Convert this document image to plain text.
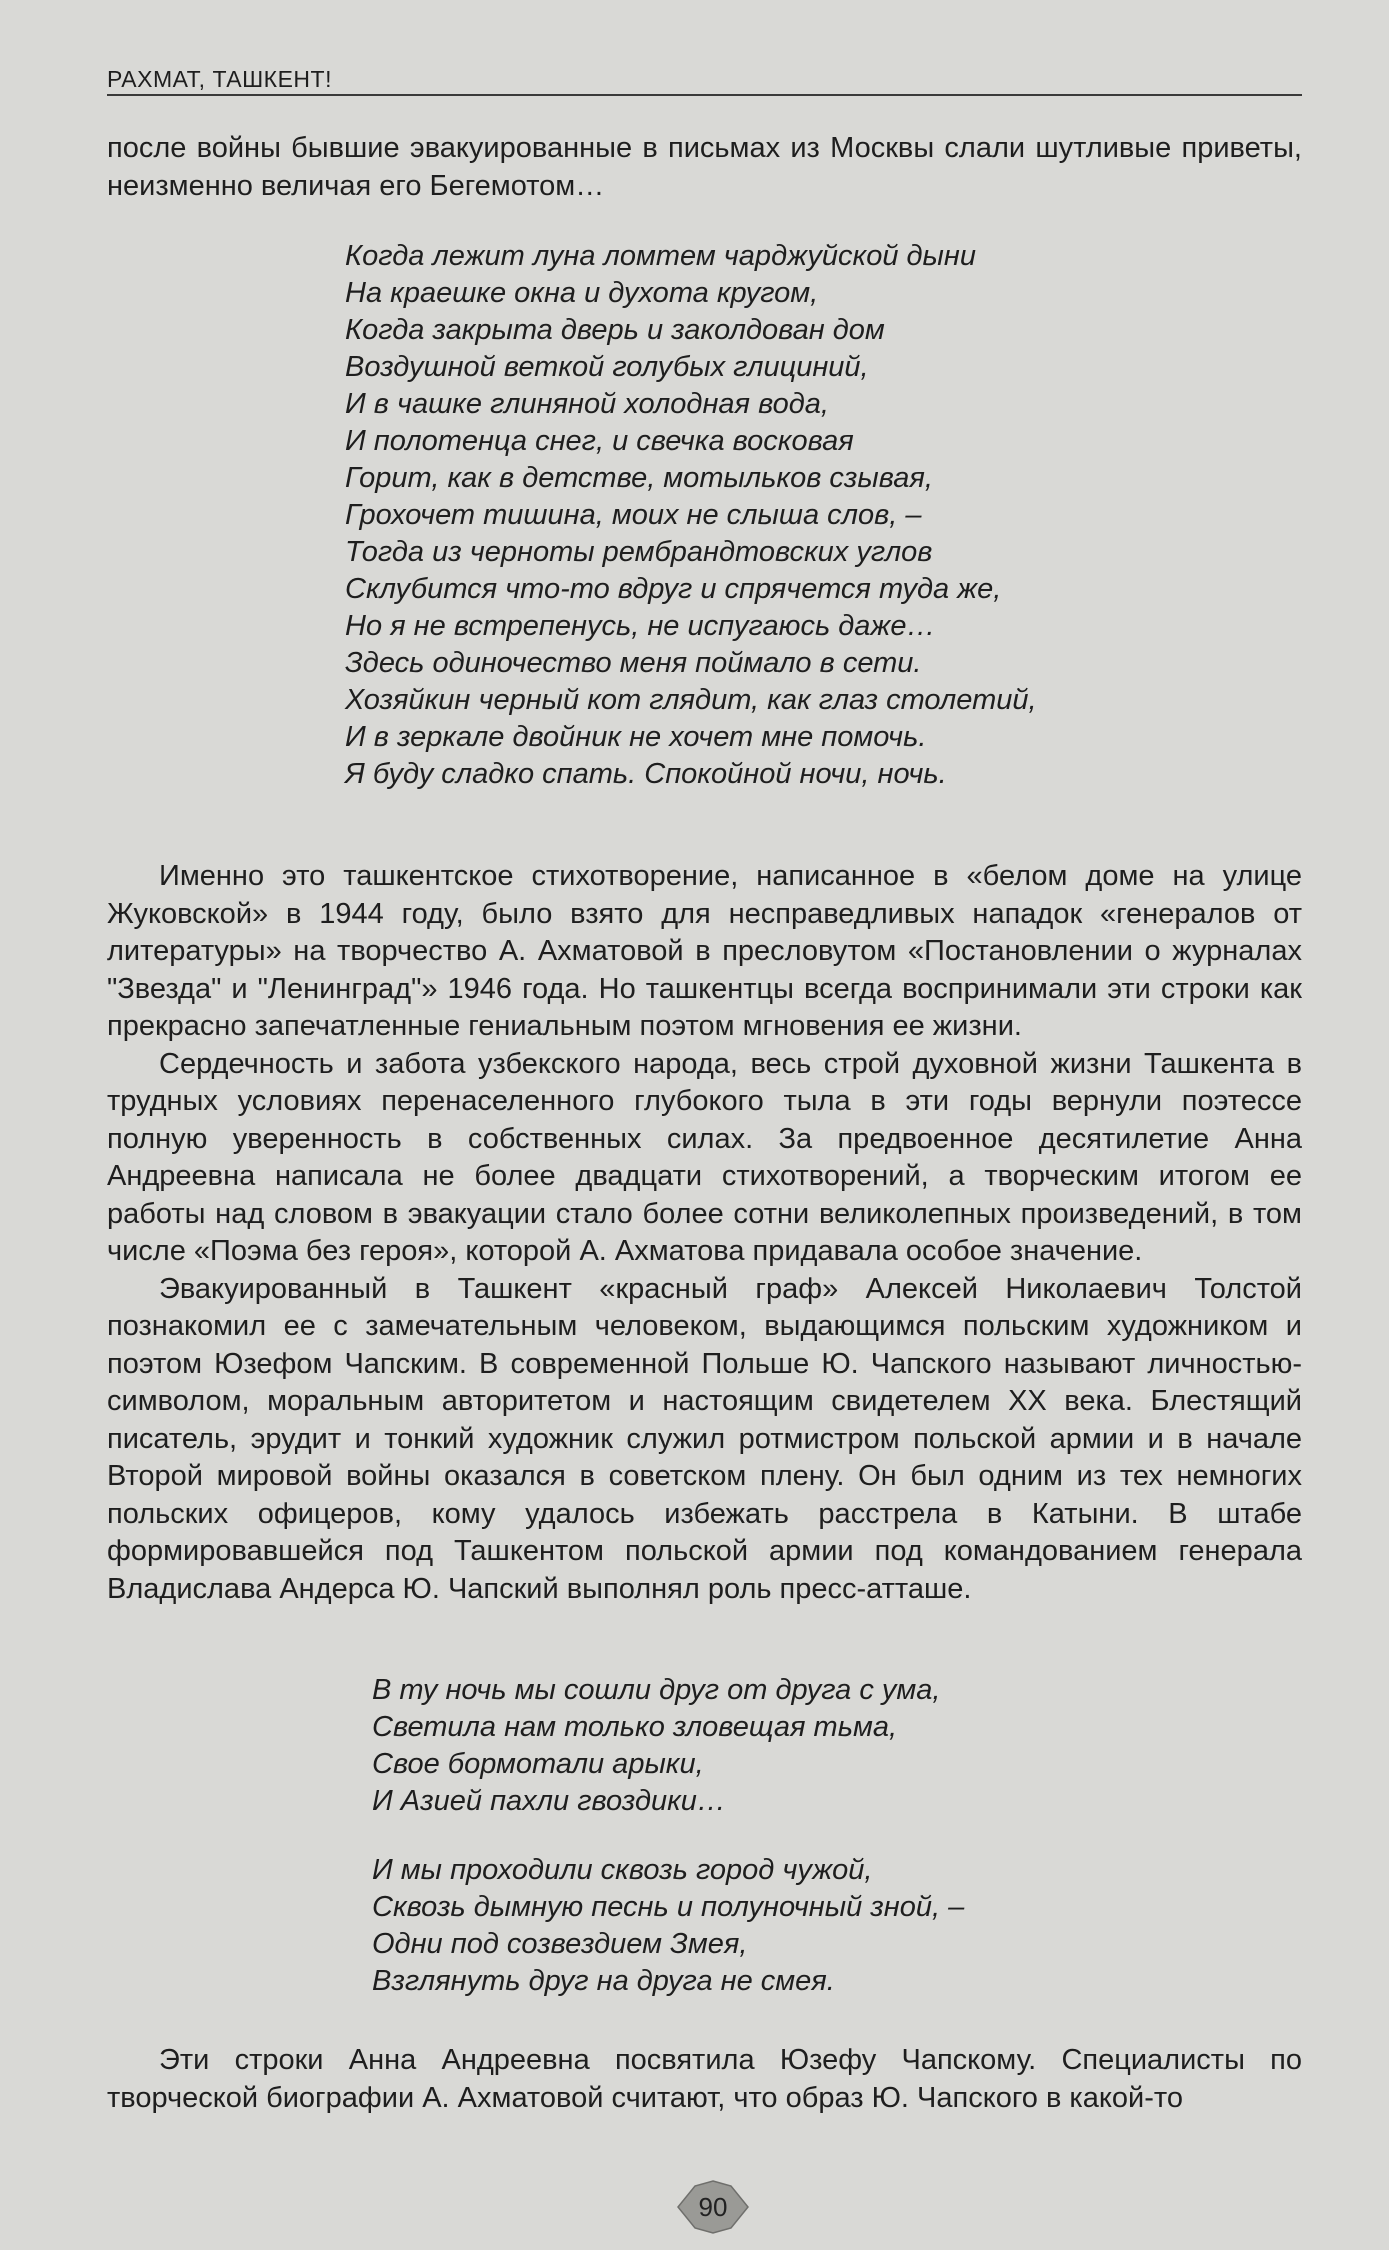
РАХМАТ, ТАШКЕНТ!

после войны бывшие эвакуированные в письмах из Москвы слали шутливые приветы, неизменно величая его Бегемотом…

Когда лежит луна ломтем чарджуйской дыни
На краешке окна и духота кругом,
Когда закрыта дверь и заколдован дом
Воздушной веткой голубых глициний,
И в чашке глиняной холодная вода,
И полотенца снег, и свечка восковая
Горит, как в детстве, мотыльков сзывая,
Грохочет тишина, моих не слыша слов, –
Тогда из черноты рембрандтовских углов
Склубится что-то вдруг и спрячется туда же,
Но я не встрепенусь, не испугаюсь даже…
Здесь одиночество меня поймало в сети.
Хозяйкин черный кот глядит, как глаз столетий,
И в зеркале двойник не хочет мне помочь.
Я буду сладко спать. Спокойной ночи, ночь.

Именно это ташкентское стихотворение, написанное в «белом доме на улице Жуковской» в 1944 году, было взято для несправедливых нападок «генералов от литературы» на творчество А. Ахматовой в пресловутом «Постановлении о журналах "Звезда" и "Ленинград"» 1946 года. Но ташкентцы всегда воспринимали эти строки как прекрасно запечатленные гениальным поэтом мгновения ее жизни.

Сердечность и забота узбекского народа, весь строй духовной жизни Ташкента в трудных условиях перенаселенного глубокого тыла в эти годы вернули поэтессе полную уверенность в собственных силах. За предвоенное десятилетие Анна Андреевна написала не более двадцати стихотворений, а творческим итогом ее работы над словом в эвакуации стало более сотни великолепных произведений, в том числе «Поэма без героя», которой А. Ахматова придавала особое значение.

Эвакуированный в Ташкент «красный граф» Алексей Николаевич Толстой познакомил ее с замечательным человеком, выдающимся польским художником и поэтом Юзефом Чапским. В современной Польше Ю. Чапского называют личностью-символом, моральным авторитетом и настоящим свидетелем XX века. Блестящий писатель, эрудит и тонкий художник служил ротмистром польской армии и в начале Второй мировой войны оказался в советском плену. Он был одним из тех немногих польских офицеров, кому удалось избежать расстрела в Катыни. В штабе формировавшейся под Ташкентом польской армии под командованием генерала Владислава Андерса Ю. Чапский выполнял роль пресс-атташе.

В ту ночь мы сошли друг от друга с ума,
Светила нам только зловещая тьма,
Свое бормотали арыки,
И Азией пахли гвоздики…
И мы проходили сквозь город чужой,
Сквозь дымную песнь и полуночный зной, –
Одни под созвездием Змея,
Взглянуть друг на друга не смея.

Эти строки Анна Андреевна посвятила Юзефу Чапскому. Специалисты по творческой биографии А. Ахматовой считают, что образ Ю. Чапского в какой-то

90
